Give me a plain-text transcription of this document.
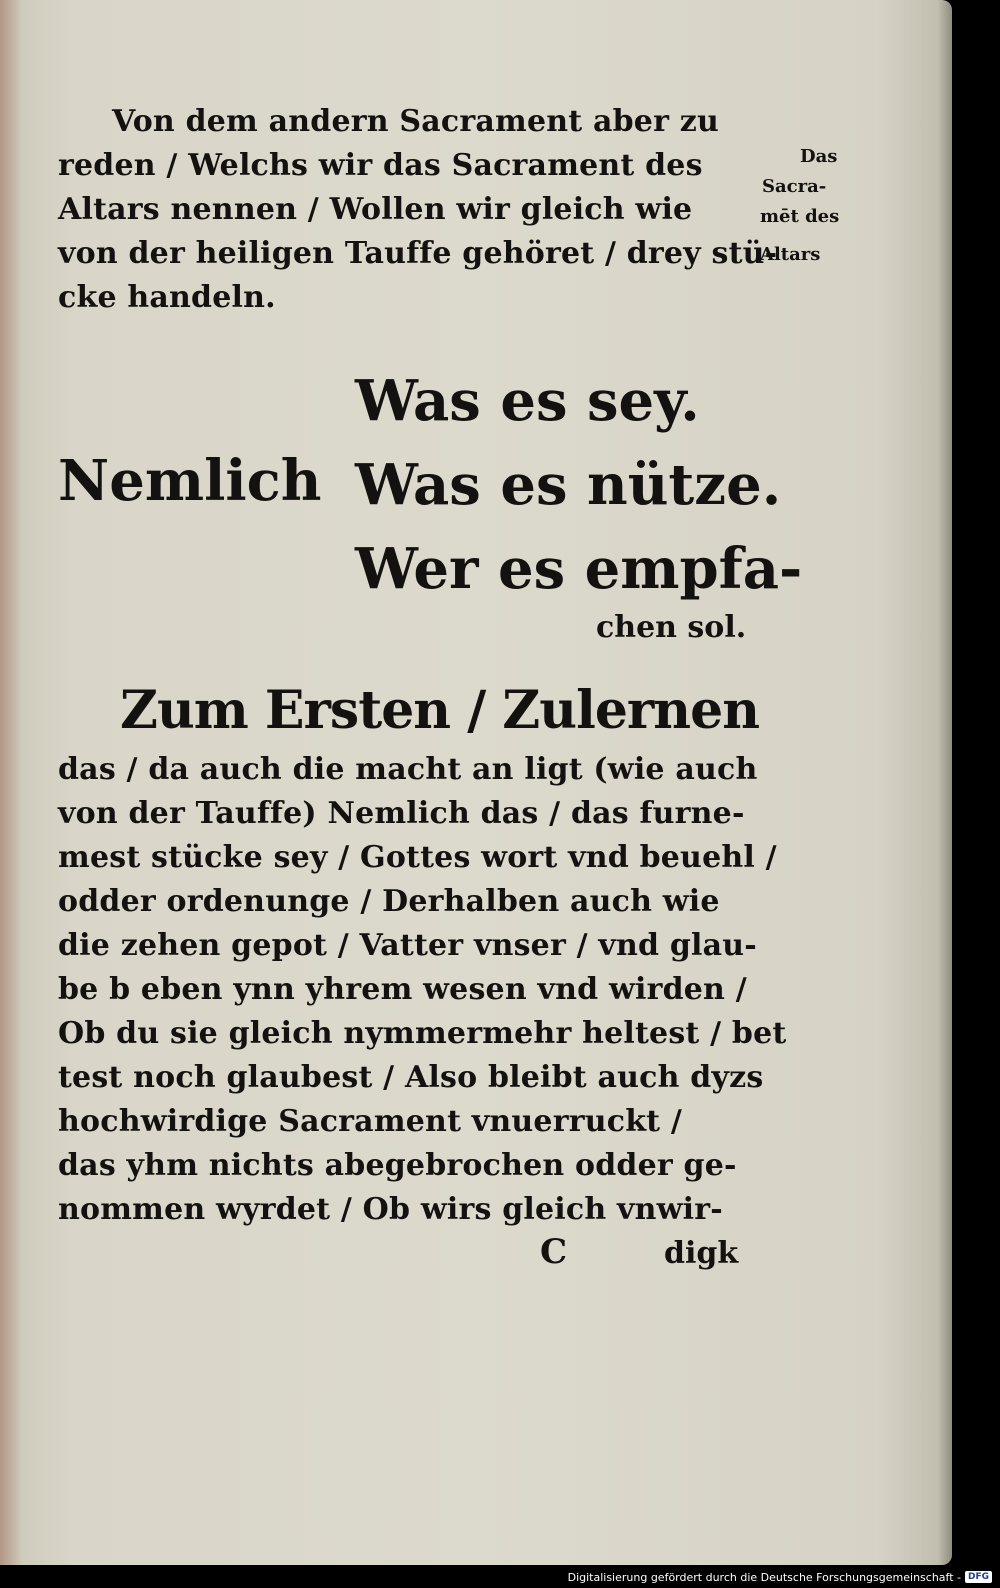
Von dem andern Sacrament aber zu
reden / Welchs wir das Sacrament des
Altars nennen / Wollen wir gleich wie
von der heiligen Tauffe gehöret / drey stü-
cke handeln.
Das
Sacra-
mēt des
Altars
Nemlich
Was es sey.
Was es nütze.
Wer es empfa-
chen sol.
Zum Ersten / Zulernen
das / da auch die macht an ligt (wie auch
von der Tauffe) Nemlich das / das furne-
mest stücke sey / Gottes wort vnd beuehl /
odder ordenunge / Derhalben auch wie
die zehen gepot / Vatter vnser / vnd glau-
be b eben ynn yhrem wesen vnd wirden /
Ob du sie gleich nymmermehr heltest / bet
test noch glaubest / Also bleibt auch dyzs
hochwirdige Sacrament vnuerruckt /
das yhm nichts abegebrochen odder ge-
nommen wyrdet / Ob wirs gleich vnwir-
C	digk
Digitalisierung gefördert durch die Deutsche Forschungsgemeinschaft - DFG
